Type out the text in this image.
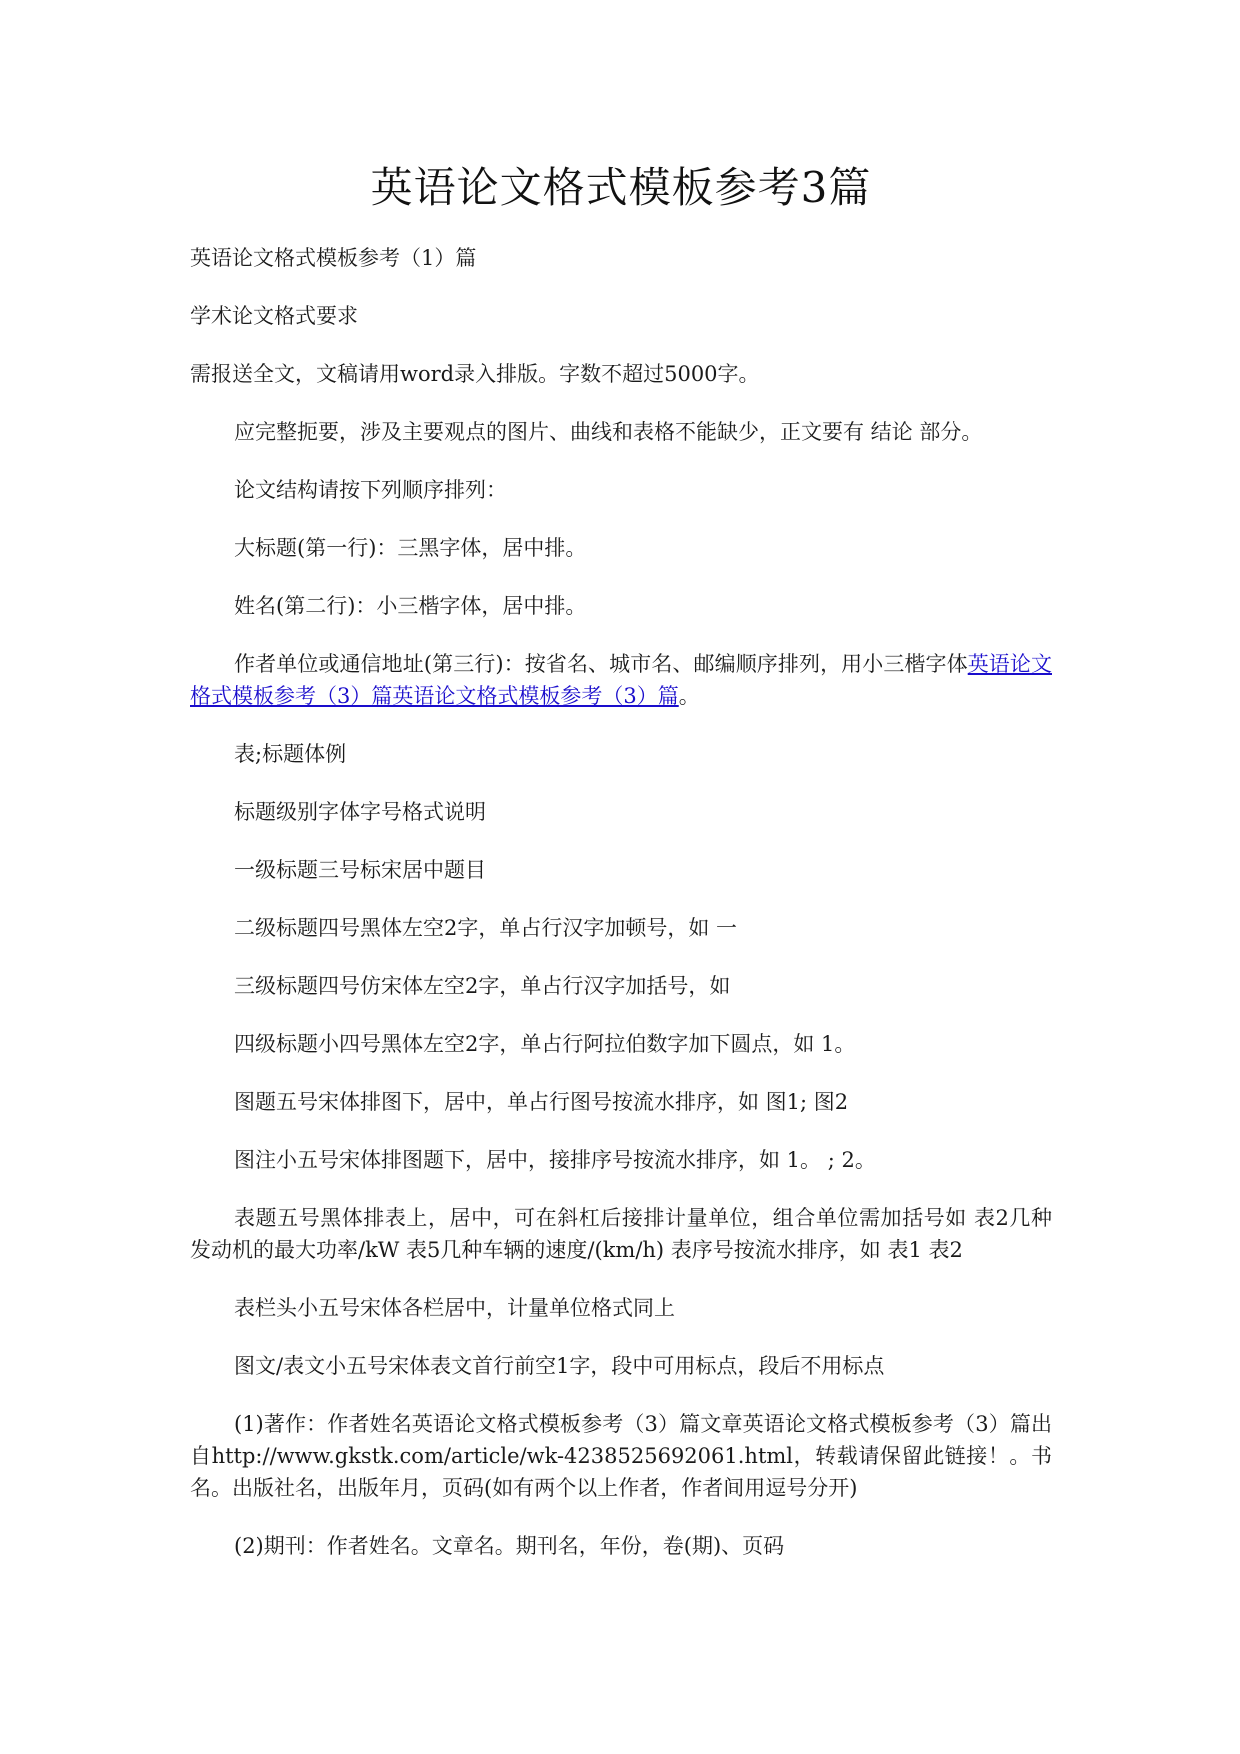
英语论文格式模板参考3篇

英语论文格式模板参考（1）篇

学术论文格式要求

需报送全文，文稿请用word录入排版。字数不超过5000字。

应完整扼要，涉及主要观点的图片、曲线和表格不能缺少，正文要有 结论 部分。

论文结构请按下列顺序排列：

大标题(第一行)：三黑字体，居中排。

姓名(第二行)：小三楷字体，居中排。

作者单位或通信地址(第三行)：按省名、城市名、邮编顺序排列，用小三楷字体英语论文格式模板参考（3）篇英语论文格式模板参考（3）篇。

表;标题体例

标题级别字体字号格式说明

一级标题三号标宋居中题目

二级标题四号黑体左空2字，单占行汉字加顿号，如 一

三级标题四号仿宋体左空2字，单占行汉字加括号，如

四级标题小四号黑体左空2字，单占行阿拉伯数字加下圆点，如 1。

图题五号宋体排图下，居中，单占行图号按流水排序，如 图1; 图2

图注小五号宋体排图题下，居中，接排序号按流水排序，如 1。 ; 2。

表题五号黑体排表上，居中，可在斜杠后接排计量单位，组合单位需加括号如 表2几种发动机的最大功率/kW 表5几种车辆的速度/(km/h) 表序号按流水排序，如 表1 表2

表栏头小五号宋体各栏居中，计量单位格式同上

图文/表文小五号宋体表文首行前空1字，段中可用标点，段后不用标点

(1)著作：作者姓名英语论文格式模板参考（3）篇文章英语论文格式模板参考（3）篇出自http://www.gkstk.com/article/wk-4238525692061.html，转载请保留此链接！。书名。出版社名，出版年月，页码(如有两个以上作者，作者间用逗号分开)

(2)期刊：作者姓名。文章名。期刊名，年份，卷(期)、页码
